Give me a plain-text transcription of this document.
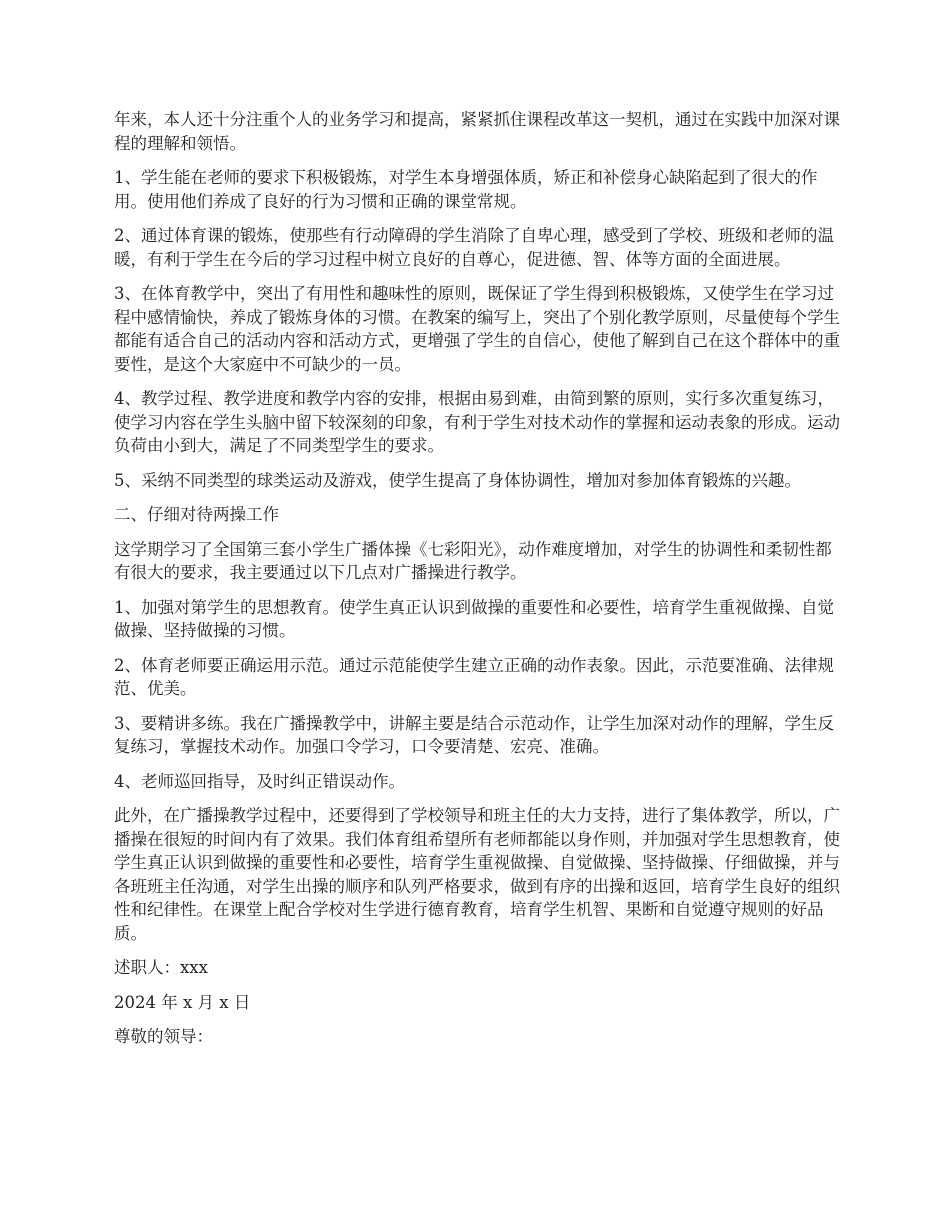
年来，本人还十分注重个人的业务学习和提高，紧紧抓住课程改革这一契机，通过在实践中加深对课程的理解和领悟。

1、学生能在老师的要求下积极锻炼，对学生本身增强体质，矫正和补偿身心缺陷起到了很大的作用。使用他们养成了良好的行为习惯和正确的课堂常规。

2、通过体育课的锻炼，使那些有行动障碍的学生消除了自卑心理，感受到了学校、班级和老师的温暖，有利于学生在今后的学习过程中树立良好的自尊心，促进德、智、体等方面的全面进展。

3、在体育教学中，突出了有用性和趣味性的原则，既保证了学生得到积极锻炼，又使学生在学习过程中感情愉快，养成了锻炼身体的习惯。在教案的编写上，突出了个别化教学原则，尽量使每个学生都能有适合自己的活动内容和活动方式，更增强了学生的自信心，使他了解到自己在这个群体中的重要性，是这个大家庭中不可缺少的一员。

4、教学过程、教学进度和教学内容的安排，根据由易到难，由简到繁的原则，实行多次重复练习，使学习内容在学生头脑中留下较深刻的印象，有利于学生对技术动作的掌握和运动表象的形成。运动负荷由小到大，满足了不同类型学生的要求。

5、采纳不同类型的球类运动及游戏，使学生提高了身体协调性，增加对参加体育锻炼的兴趣。

二、仔细对待两操工作

这学期学习了全国第三套小学生广播体操《七彩阳光》，动作难度增加，对学生的协调性和柔韧性都有很大的要求，我主要通过以下几点对广播操进行教学。

1、加强对第学生的思想教育。使学生真正认识到做操的重要性和必要性，培育学生重视做操、自觉做操、坚持做操的习惯。

2、体育老师要正确运用示范。通过示范能使学生建立正确的动作表象。因此，示范要准确、法律规范、优美。

3、要精讲多练。我在广播操教学中，讲解主要是结合示范动作，让学生加深对动作的理解，学生反复练习，掌握技术动作。加强口令学习，口令要清楚、宏亮、准确。

4、老师巡回指导，及时纠正错误动作。

此外，在广播操教学过程中，还要得到了学校领导和班主任的大力支持，进行了集体教学，所以，广播操在很短的时间内有了效果。我们体育组希望所有老师都能以身作则，并加强对学生思想教育，使学生真正认识到做操的重要性和必要性，培育学生重视做操、自觉做操、坚持做操、仔细做操，并与各班班主任沟通，对学生出操的顺序和队列严格要求，做到有序的出操和返回，培育学生良好的组织性和纪律性。在课堂上配合学校对生学进行德育教育，培育学生机智、果断和自觉遵守规则的好品质。

述职人：xxx

2024 年 x 月 x 日

尊敬的领导：
